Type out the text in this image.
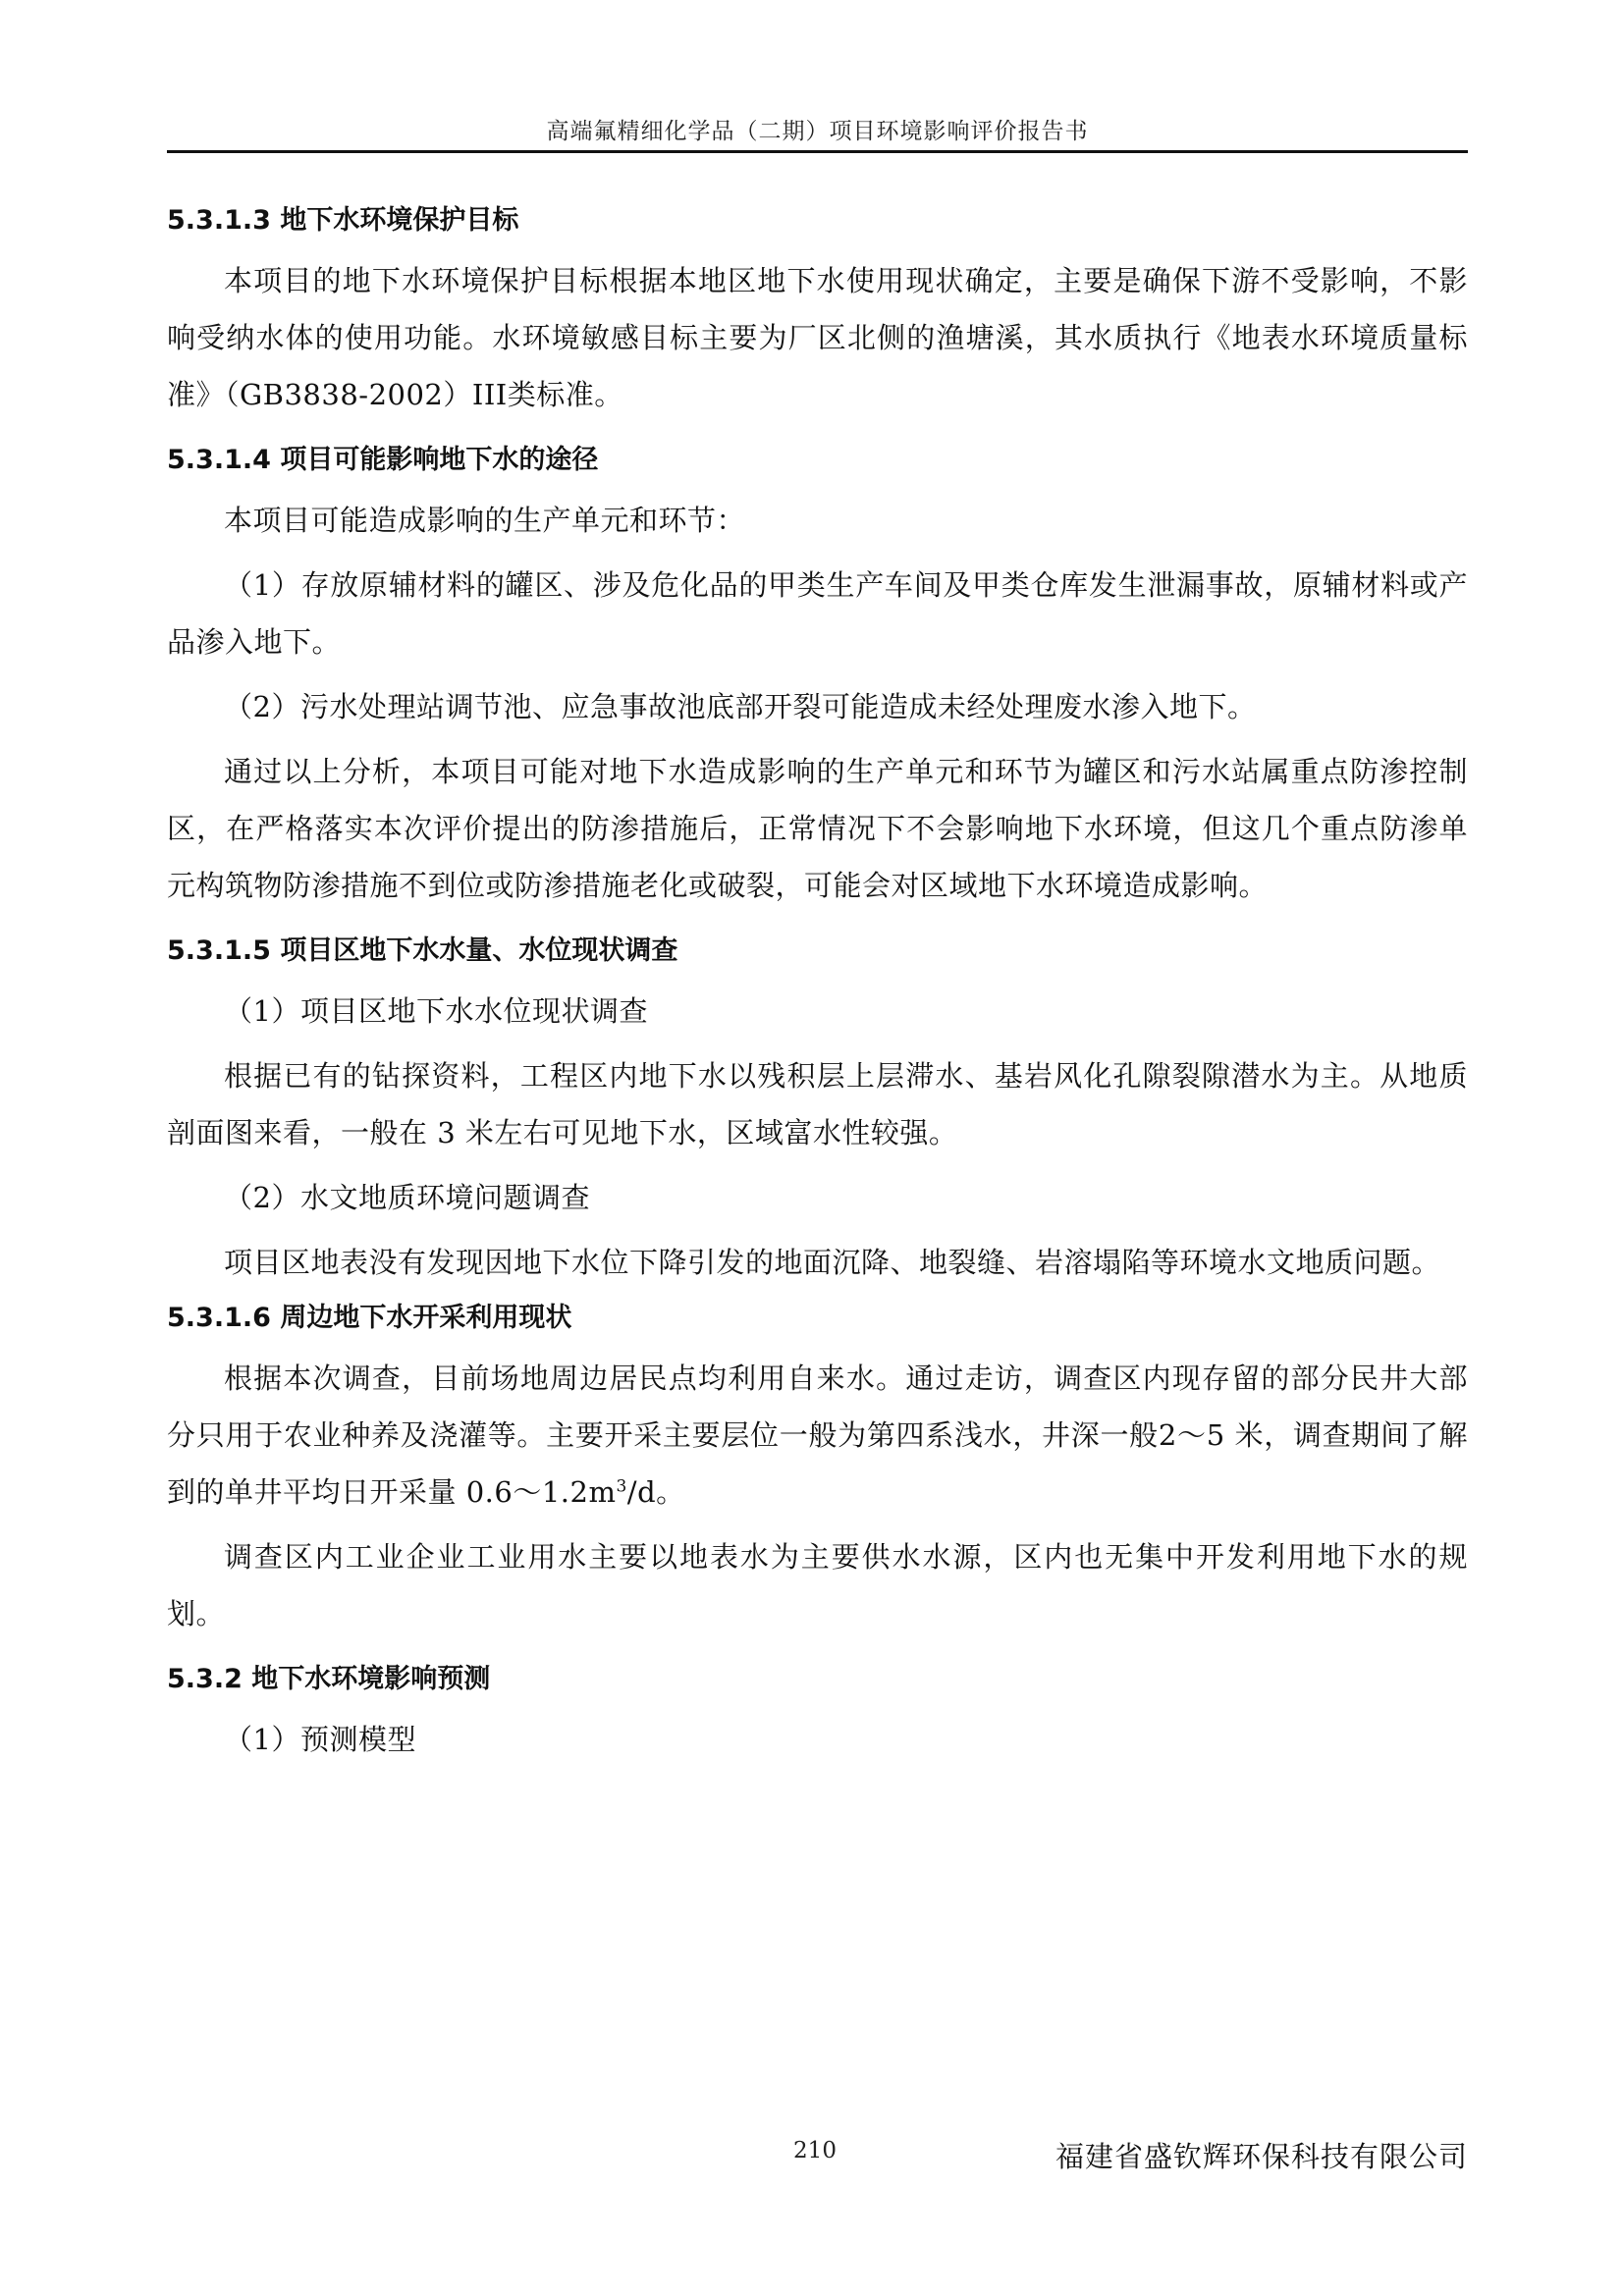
高端氟精细化学品（二期）项目环境影响评价报告书
5.3.1.3 地下水环境保护目标

本项目的地下水环境保护目标根据本地区地下水使用现状确定，主要是确保下游不受影响，不影响受纳水体的使用功能。水环境敏感目标主要为厂区北侧的渔塘溪，其水质执行《地表水环境质量标准》（GB3838-2002）III类标准。

5.3.1.4 项目可能影响地下水的途径

本项目可能造成影响的生产单元和环节：

（1）存放原辅材料的罐区、涉及危化品的甲类生产车间及甲类仓库发生泄漏事故，原辅材料或产品渗入地下。

（2）污水处理站调节池、应急事故池底部开裂可能造成未经处理废水渗入地下。

通过以上分析，本项目可能对地下水造成影响的生产单元和环节为罐区和污水站属重点防渗控制区，在严格落实本次评价提出的防渗措施后，正常情况下不会影响地下水环境，但这几个重点防渗单元构筑物防渗措施不到位或防渗措施老化或破裂，可能会对区域地下水环境造成影响。

5.3.1.5 项目区地下水水量、水位现状调查

（1）项目区地下水水位现状调查

根据已有的钻探资料，工程区内地下水以残积层上层滞水、基岩风化孔隙裂隙潜水为主。从地质剖面图来看，一般在 3 米左右可见地下水，区域富水性较强。

（2）水文地质环境问题调查

项目区地表没有发现因地下水位下降引发的地面沉降、地裂缝、岩溶塌陷等环境水文地质问题。

5.3.1.6 周边地下水开采利用现状

根据本次调查，目前场地周边居民点均利用自来水。通过走访，调查区内现存留的部分民井大部分只用于农业种养及浇灌等。主要开采主要层位一般为第四系浅水，井深一般2～5 米，调查期间了解到的单井平均日开采量 $0.6\sim 1.2m^3/d$。

调查区内工业企业工业用水主要以地表水为主要供水水源，区内也无集中开发利用地下水的规划。

5.3.2 地下水环境影响预测

（1）预测模型

210	福建省盛钦辉环保科技有限公司
